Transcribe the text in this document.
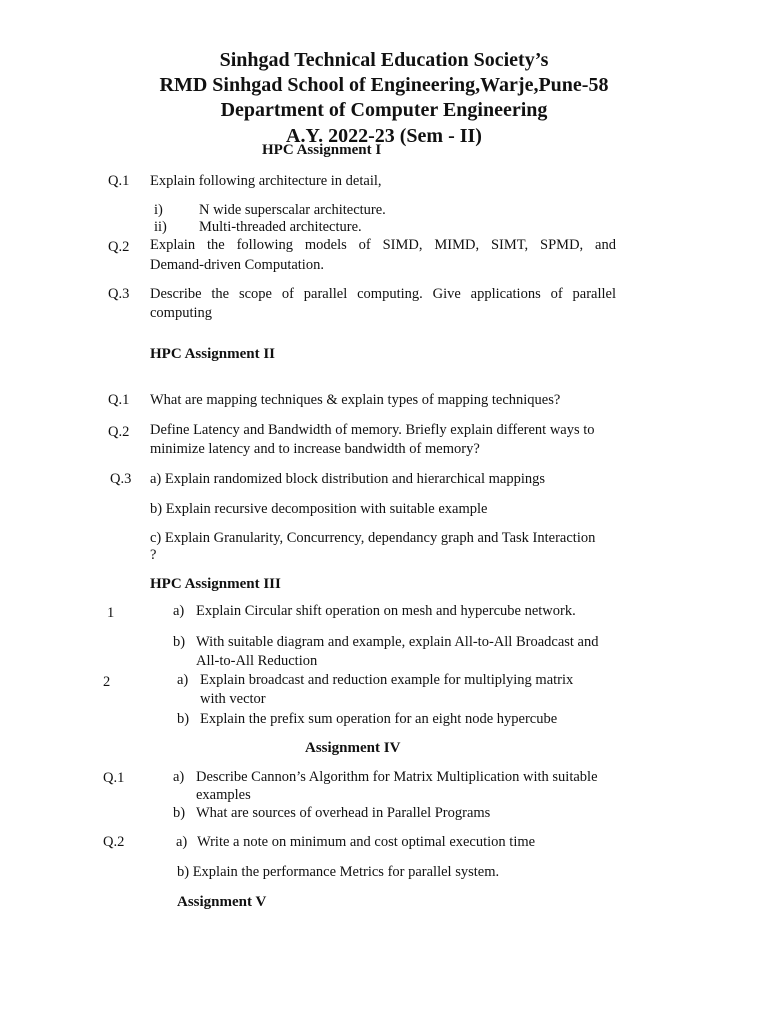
Sinhgad Technical Education Society’s
RMD Sinhgad School of Engineering,Warje,Pune-58
Department of Computer Engineering
A.Y. 2022-23 (Sem - II)
HPC Assignment I
Q.1 Explain following architecture in detail,
i) N wide superscalar architecture.
ii) Multi-threaded architecture.
Q.2 Explain the following models of SIMD, MIMD, SIMT, SPMD, and
Demand-driven Computation.
Q.3 Describe the scope of parallel computing. Give applications of parallel
computing
HPC Assignment II
Q.1 What are mapping techniques & explain types of mapping techniques?
Q.2 Define Latency and Bandwidth of memory. Briefly explain different ways to
minimize latency and to increase bandwidth of memory?
Q.3 a) Explain randomized block distribution and hierarchical mappings
b) Explain recursive decomposition with suitable example
c) Explain Granularity, Concurrency, dependancy graph and Task Interaction
?
HPC Assignment III
1	a) Explain Circular shift operation on mesh and hypercube network.
b) With suitable diagram and example, explain All-to-All Broadcast and
All-to-All Reduction
2	a) Explain broadcast and reduction example for multiplying matrix
with vector
b) Explain the prefix sum operation for an eight node hypercube
Assignment IV
Q.1	a) Describe Cannon’s Algorithm for Matrix Multiplication with suitable
examples
b) What are sources of overhead in Parallel Programs
Q.2	a) Write a note on minimum and cost optimal execution time
b) Explain the performance Metrics for parallel system.
Assignment V
